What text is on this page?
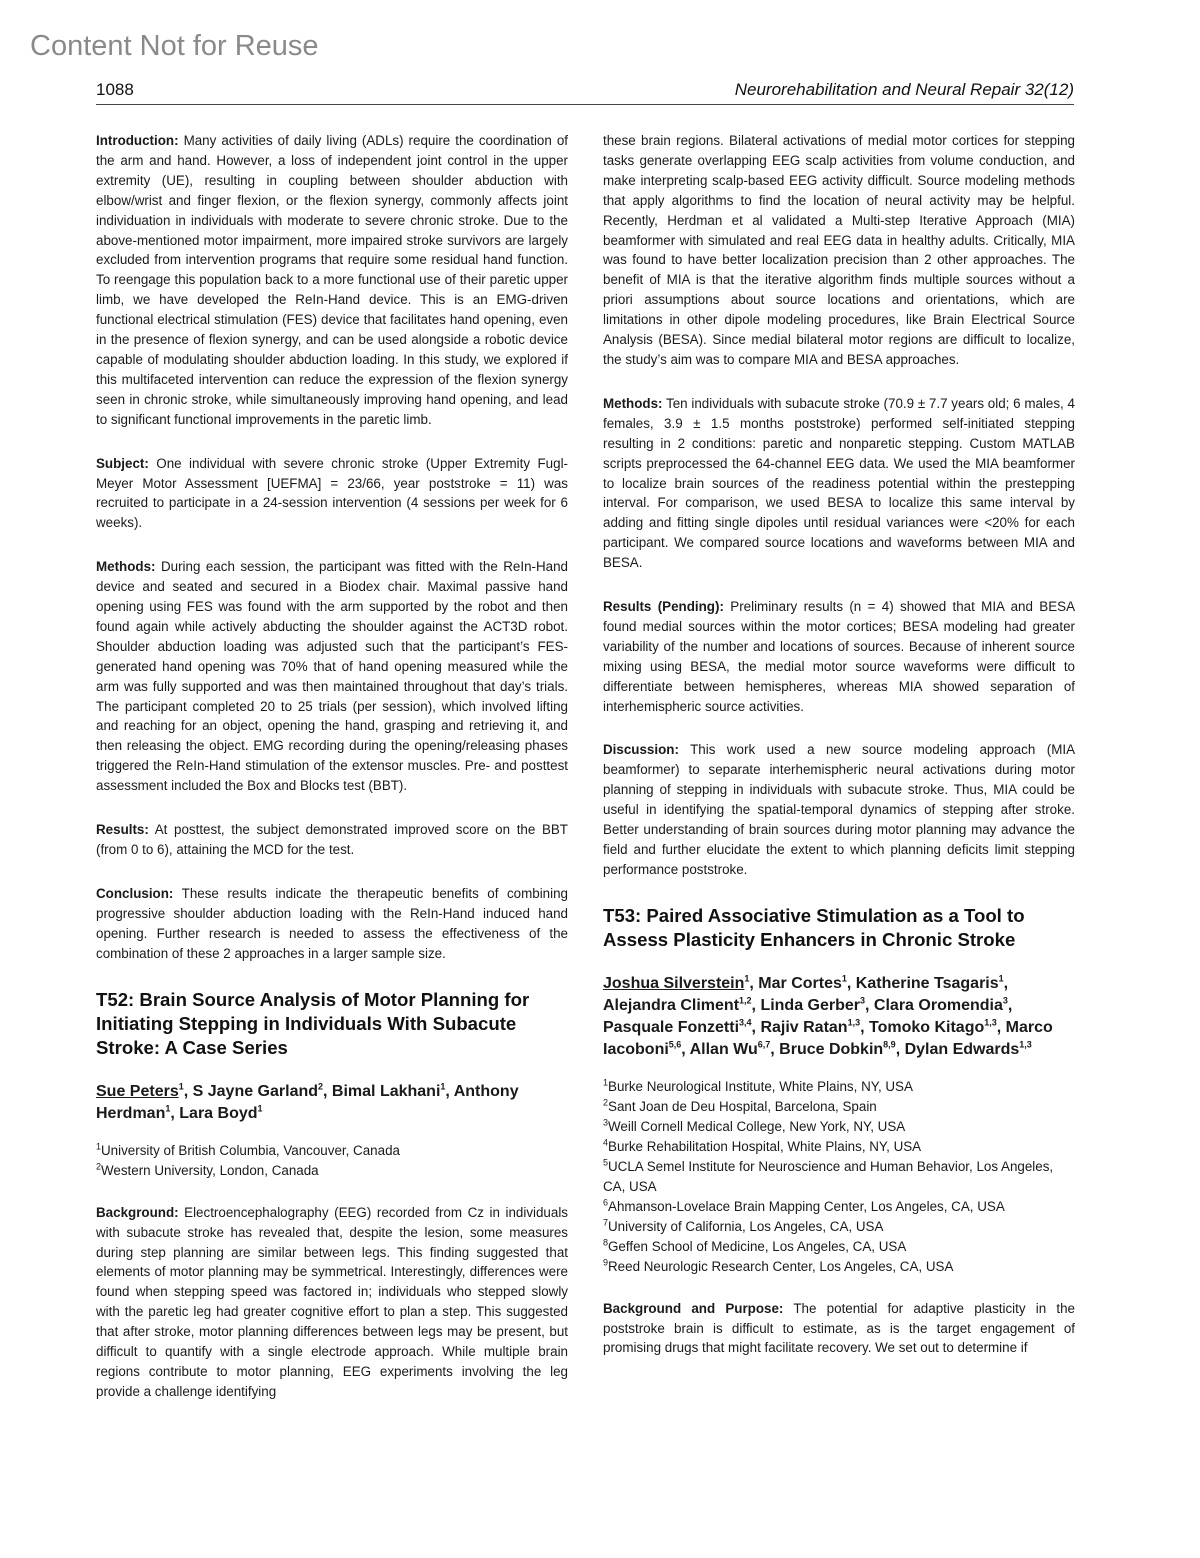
Content Not for Reuse
1088	Neurorehabilitation and Neural Repair 32(12)

Introduction: Many activities of daily living (ADLs) require the coordination of the arm and hand. However, a loss of independent joint control in the upper extremity (UE), resulting in coupling between shoulder abduction with elbow/wrist and finger flexion, or the flexion synergy, commonly affects joint individuation in individuals with moderate to severe chronic stroke. Due to the above-mentioned motor impairment, more impaired stroke survivors are largely excluded from intervention programs that require some residual hand function. To reengage this population back to a more functional use of their paretic upper limb, we have developed the ReIn-Hand device. This is an EMG-driven functional electrical stimulation (FES) device that facilitates hand opening, even in the presence of flexion synergy, and can be used alongside a robotic device capable of modulating shoulder abduction loading. In this study, we explored if this multifaceted intervention can reduce the expression of the flexion synergy seen in chronic stroke, while simultaneously improving hand opening, and lead to significant functional improvements in the paretic limb.

Subject: One individual with severe chronic stroke (Upper Extremity Fugl-Meyer Motor Assessment [UEFMA] = 23/66, year poststroke = 11) was recruited to participate in a 24-session intervention (4 sessions per week for 6 weeks).

Methods: During each session, the participant was fitted with the ReIn-Hand device and seated and secured in a Biodex chair. Maximal passive hand opening using FES was found with the arm supported by the robot and then found again while actively abducting the shoulder against the ACT3D robot. Shoulder abduction loading was adjusted such that the participant’s FES-generated hand opening was 70% that of hand opening measured while the arm was fully supported and was then maintained throughout that day’s trials. The participant completed 20 to 25 trials (per session), which involved lifting and reaching for an object, opening the hand, grasping and retrieving it, and then releasing the object. EMG recording during the opening/releasing phases triggered the ReIn-Hand stimulation of the extensor muscles. Pre- and posttest assessment included the Box and Blocks test (BBT).

Results: At posttest, the subject demonstrated improved score on the BBT (from 0 to 6), attaining the MCD for the test.

Conclusion: These results indicate the therapeutic benefits of combining progressive shoulder abduction loading with the ReIn-Hand induced hand opening. Further research is needed to assess the effectiveness of the combination of these 2 approaches in a larger sample size.

T52: Brain Source Analysis of Motor Planning for Initiating Stepping in Individuals With Subacute Stroke: A Case Series
Sue Peters$^1$, S Jayne Garland$^2$, Bimal Lakhani$^1$, Anthony Herdman$^1$, Lara Boyd$^1$
$^1$University of British Columbia, Vancouver, Canada
$^2$Western University, London, Canada

Background: Electroencephalography (EEG) recorded from Cz in individuals with subacute stroke has revealed that, despite the lesion, some measures during step planning are similar between legs. This finding suggested that elements of motor planning may be symmetrical. Interestingly, differences were found when stepping speed was factored in; individuals who stepped slowly with the paretic leg had greater cognitive effort to plan a step. This suggested that after stroke, motor planning differences between legs may be present, but difficult to quantify with a single electrode approach. While multiple brain regions contribute to motor planning, EEG experiments involving the leg provide a challenge identifying

these brain regions. Bilateral activations of medial motor cortices for stepping tasks generate overlapping EEG scalp activities from volume conduction, and make interpreting scalp-based EEG activity difficult. Source modeling methods that apply algorithms to find the location of neural activity may be helpful. Recently, Herdman et al validated a Multi-step Iterative Approach (MIA) beamformer with simulated and real EEG data in healthy adults. Critically, MIA was found to have better localization precision than 2 other approaches. The benefit of MIA is that the iterative algorithm finds multiple sources without a priori assumptions about source locations and orientations, which are limitations in other dipole modeling procedures, like Brain Electrical Source Analysis (BESA). Since medial bilateral motor regions are difficult to localize, the study’s aim was to compare MIA and BESA approaches.

Methods: Ten individuals with subacute stroke (70.9 ± 7.7 years old; 6 males, 4 females, 3.9 ± 1.5 months poststroke) performed self-initiated stepping resulting in 2 conditions: paretic and nonparetic stepping. Custom MATLAB scripts preprocessed the 64-channel EEG data. We used the MIA beamformer to localize brain sources of the readiness potential within the prestepping interval. For comparison, we used BESA to localize this same interval by adding and fitting single dipoles until residual variances were <20% for each participant. We compared source locations and waveforms between MIA and BESA.

Results (Pending): Preliminary results (n = 4) showed that MIA and BESA found medial sources within the motor cortices; BESA modeling had greater variability of the number and locations of sources. Because of inherent source mixing using BESA, the medial motor source waveforms were difficult to differentiate between hemispheres, whereas MIA showed separation of interhemispheric source activities.

Discussion: This work used a new source modeling approach (MIA beamformer) to separate interhemispheric neural activations during motor planning of stepping in individuals with subacute stroke. Thus, MIA could be useful in identifying the spatial-temporal dynamics of stepping after stroke. Better understanding of brain sources during motor planning may advance the field and further elucidate the extent to which planning deficits limit stepping performance poststroke.

T53: Paired Associative Stimulation as a Tool to Assess Plasticity Enhancers in Chronic Stroke
Joshua Silverstein$^1$, Mar Cortes$^1$, Katherine Tsagaris$^1$, Alejandra Climent$^{1,2}$, Linda Gerber$^3$, Clara Oromendia$^3$, Pasquale Fonzetti$^{3,4}$, Rajiv Ratan$^{1,3}$, Tomoko Kitago$^{1,3}$, Marco Iacoboni$^{5,6}$, Allan Wu$^{6,7}$, Bruce Dobkin$^{8,9}$, Dylan Edwards$^{1,3}$
$^1$Burke Neurological Institute, White Plains, NY, USA
$^2$Sant Joan de Deu Hospital, Barcelona, Spain
$^3$Weill Cornell Medical College, New York, NY, USA
$^4$Burke Rehabilitation Hospital, White Plains, NY, USA
$^5$UCLA Semel Institute for Neuroscience and Human Behavior, Los Angeles, CA, USA
$^6$Ahmanson-Lovelace Brain Mapping Center, Los Angeles, CA, USA
$^7$University of California, Los Angeles, CA, USA
$^8$Geffen School of Medicine, Los Angeles, CA, USA
$^9$Reed Neurologic Research Center, Los Angeles, CA, USA

Background and Purpose: The potential for adaptive plasticity in the poststroke brain is difficult to estimate, as is the target engagement of promising drugs that might facilitate recovery. We set out to determine if
